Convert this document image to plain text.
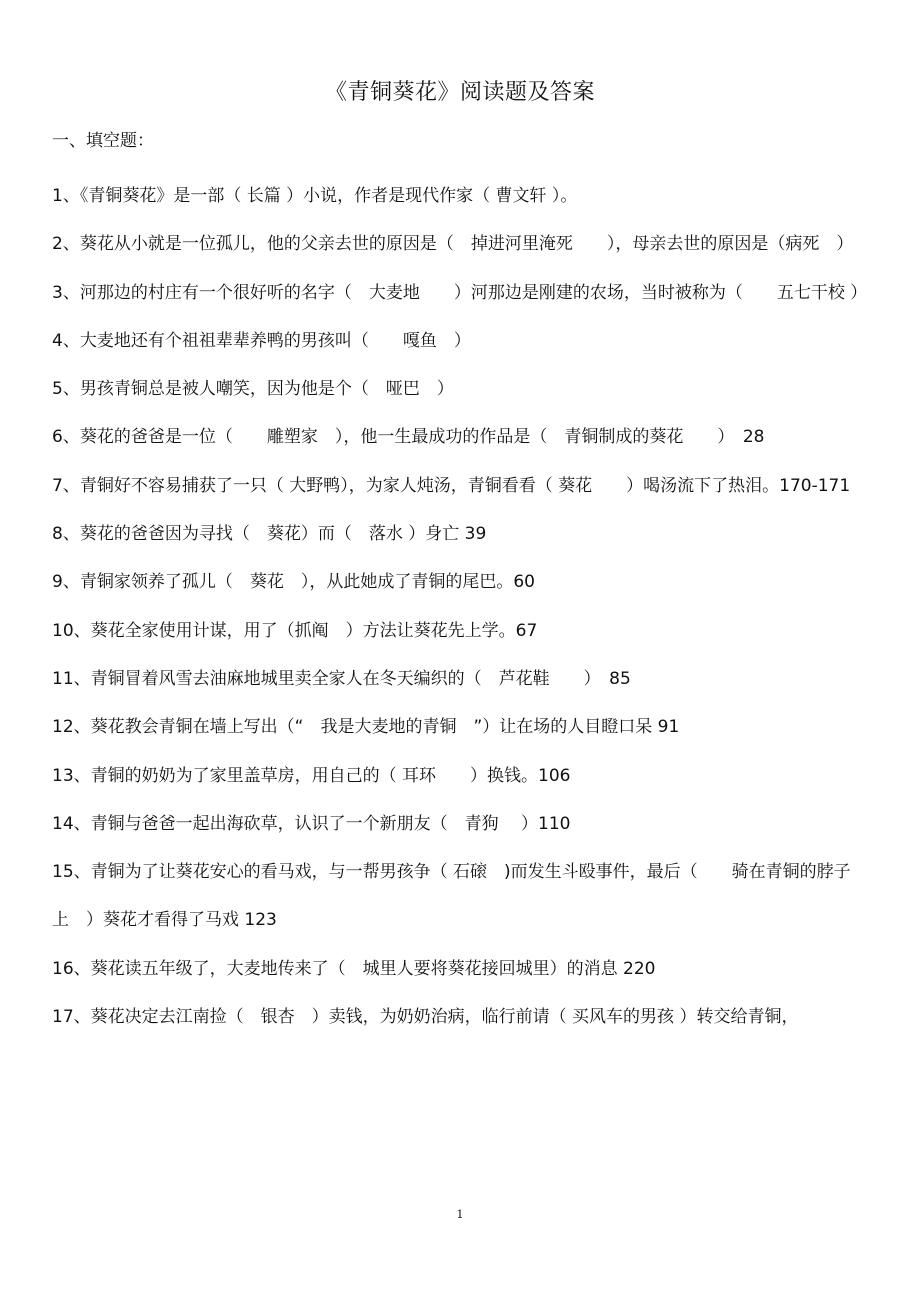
《青铜葵花》阅读题及答案
一、填空题：
1、《青铜葵花》是一部（ 长篇 ）小说，作者是现代作家（ 曹文轩 ）。
2、葵花从小就是一位孤儿，他的父亲去世的原因是（　掉进河里淹死　　），母亲去世的原因是（病死　）
3、河那边的村庄有一个很好听的名字（　大麦地　　）河那边是刚建的农场，当时被称为（　　五七干校 ）
4、大麦地还有个祖祖辈辈养鸭的男孩叫（　　嘎鱼　）
5、男孩青铜总是被人嘲笑，因为他是个（　哑巴　）
6、葵花的爸爸是一位（　　雕塑家　），他一生最成功的作品是（　青铜制成的葵花　　）　28
7、青铜好不容易捕获了一只（ 大野鸭），为家人炖汤，青铜看看（ 葵花　　）喝汤流下了热泪。170-171
8、葵花的爸爸因为寻找（　葵花）而（　落水 ）身亡 39
9、青铜家领养了孤儿（　葵花　），从此她成了青铜的尾巴。60
10、葵花全家使用计谋，用了（抓阄　）方法让葵花先上学。67
11、青铜冒着风雪去油麻地城里卖全家人在冬天编织的（　芦花鞋　　）　85
12、葵花教会青铜在墙上写出（“　我是大麦地的青铜　”）让在场的人目瞪口呆 91
13、青铜的奶奶为了家里盖草房，用自己的（ 耳环　　）换钱。106
14、青铜与爸爸一起出海砍草，认识了一个新朋友（　青狗　 ）110
15、青铜为了让葵花安心的看马戏，与一帮男孩争（ 石磙　)而发生斗殴事件，最后（　　骑在青铜的脖子上　）葵花才看得了马戏 123
16、葵花读五年级了，大麦地传来了（　城里人要将葵花接回城里）的消息 220
17、葵花决定去江南捡（　银杏　）卖钱，为奶奶治病，临行前请（ 买风车的男孩 ）转交给青铜，
1
